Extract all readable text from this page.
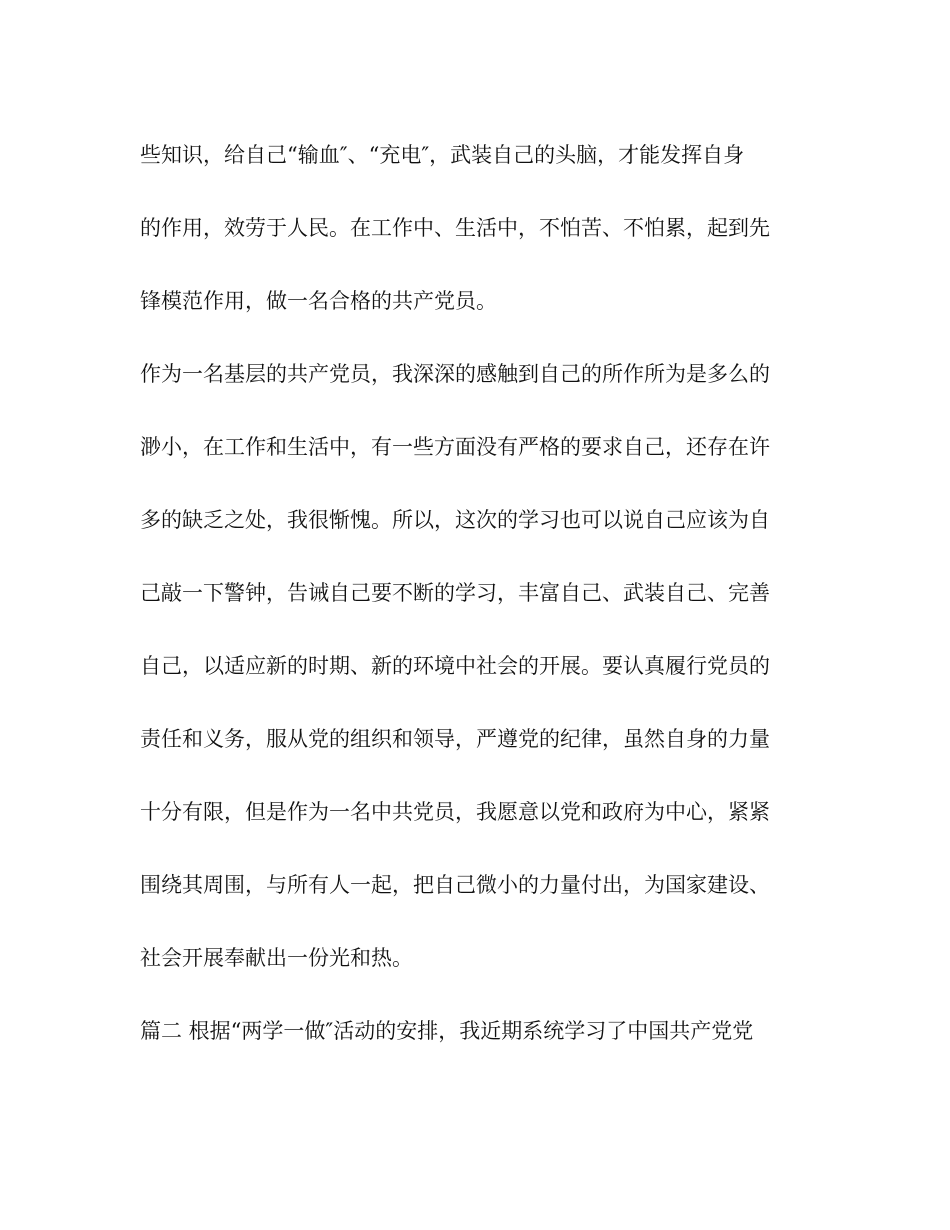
些知识，给自己“输血″、“充电″，武装自己的头脑，才能发挥自身
的作用，效劳于人民。在工作中、生活中，不怕苦、不怕累，起到先
锋模范作用，做一名合格的共产党员。
作为一名基层的共产党员，我深深的感触到自己的所作所为是多么的
渺小，在工作和生活中，有一些方面没有严格的要求自己，还存在许
多的缺乏之处，我很惭愧。所以，这次的学习也可以说自己应该为自
己敲一下警钟，告诫自己要不断的学习，丰富自己、武装自己、完善
自己，以适应新的时期、新的环境中社会的开展。要认真履行党员的
责任和义务，服从党的组织和领导，严遵党的纪律，虽然自身的力量
十分有限，但是作为一名中共党员，我愿意以党和政府为中心，紧紧
围绕其周围，与所有人一起，把自己微小的力量付出，为国家建设、
社会开展奉献出一份光和热。
篇二 根据“两学一做″活动的安排，我近期系统学习了中国共产党党
